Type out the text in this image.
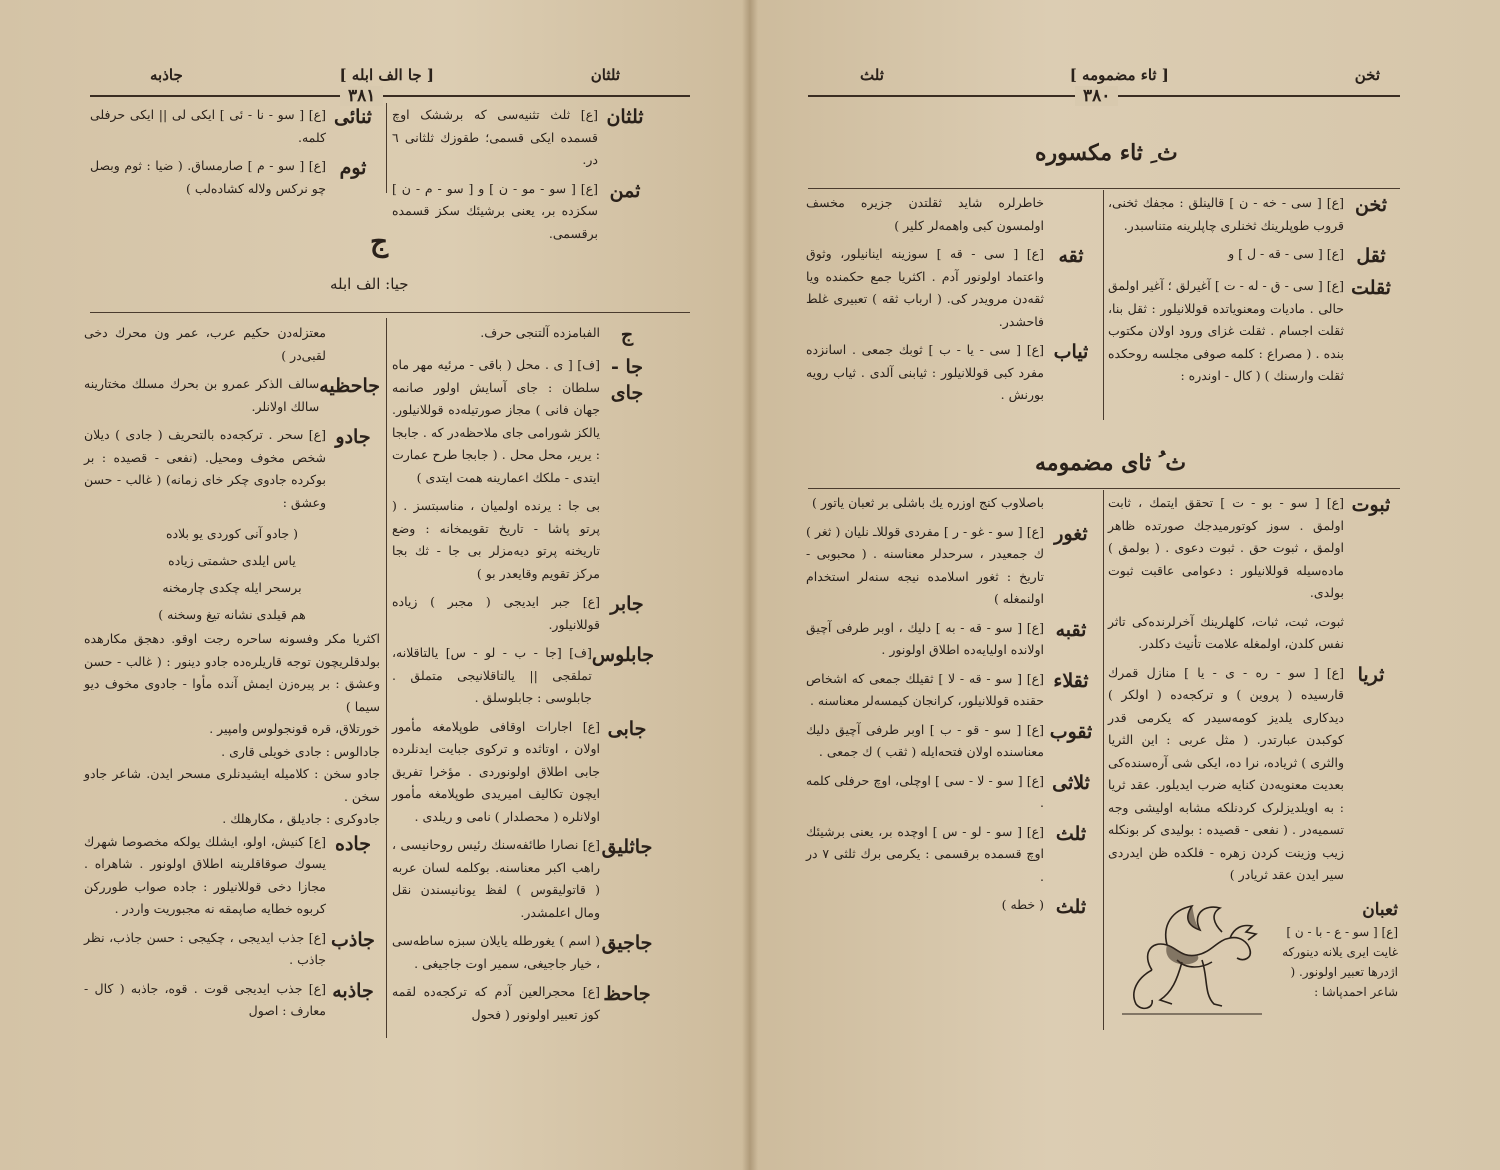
ثلثان
[ جا الف ابله ]
جاذبه
٣٨١
ثلثان
[ع] ثلث تثنیه‌سی که برششک اوچ قسمده ایکی قسمی؛ طقوزك ثلثانی ٦ در.
ثمن
[ع] [ سو - مو - ن ] و [ سو - م - ن ] سکزده بر، یعنی برشیئك سکز قسمده برقسمی.
ثنائی
[ع] [ سو - نا - ئی ] ایکی لی || ایکی حرفلی کلمه.
ثوم
[ع] [ سو - م ] صارمساق. ( ضیا : ثوم وبصل چو نرکس ولاله کشاده‌لب )
ج
جیا: الف ابله
ج
الفبامزده آلتنجی حرف.
جا - جای
[ف] [ ی . محل ( باقی - مرئیه مهر ماه سلطان : جای آسایش اولور صانمه جهان فانی ) مجاز صورتیله‌ده قوللانیلور. یالکز شورامی جای ملاحظه‌در که . جابجا : یریر، محل محل . ( جابجا طرح عمارت ایتدی - ملکك اعمارینه همت ایتدی )
بی جا : یرنده اولمیان ، مناسبتسز . ( پرتو پاشا - تاریخ تقویمخانه : وضع تاریخنه پرتو دیه‌مزلر بی جا - ثك بجا مرکز تقویم وقایعدر بو )
جابر
[ع] جبر ایدیجی ( مجبر ) زیاده قوللانیلور.
جابلوس
[ف] [جا - ب - لو - س] یالتاقلانه، تملقجی || یالتاقلانیجی متملق . جابلوسی : جابلوسلق .
جابی
[ع] اجارات اوقافی طوپلامغه مأمور اولان ، اوتاثده و ترکوی جبایت ایدنلرده جابی اطلاق اولونوردی . مؤخرا تفریق ایچون تکالیف امیریدی طوپلامغه مأمور اولانلره ( محصلدار ) نامی و ریلدی .
جاثلیق
[ع] نصارا طائفه‌سنك رئیس روحانیسی ، راهب اکبر معناسنه. بوکلمه لسان عربه ( قاتولیقوس ) لفظ یونانیسندن نقل ومال اعلمشدر.
جاجیق
( اسم ) یغورطله یایلان سبزه ساطه‌سی ، خیار جاجیغی، سمیر اوت جاجیغی .
جاحظ
[ع] محجرالعین آدم که ترکجه‌ده لقمه کوز تعبیر اولونور ( فحول
معتزله‌دن حکیم عرب، عمر ون محرك دخی لقبی‌در )
جاحظیه
سالف الذکر عمرو بن بحرك مسلك مختارینه سالك اولانلر.
جادو
[ع] سحر . ترکجه‌ده بالتحریف ( جادی ) دیلان شخص مخوف ومحیل. (نفعی - قصیده : بر بوکرده جادوی چکر خای زمانه) ( غالب - حسن وعشق :
( جادو آنی کوردی یو بلاده
یاس ایلدی حشمتی زیاده
برسحر ایله چکدی چارمخنه
هم قیلدی نشانه تیغ وسخنه )
اکثریا مکر وفسونه ساحره رجت اوقو. دهجق مکارهده بولدقلریچون توجه قاریلره‌ده جادو دینور : ( غالب - حسن وعشق : بر پیره‌زن ایمش آنده مأوا - جادوی مخوف دیو سیما )
خورتلاق، قره قونجولوس وامپیر .
جادالوس : جادی خویلی قاری .
جادو سخن : کلامیله ایشیدنلری مسحر ایدن. شاعر جادو سخن .
جادوکری : جادیلق ، مکارهلك .
جاده
[ع] کنیش، اولو، ایشلك یولکه مخصوصا شهرك یسوك صوقاقلرینه اطلاق اولونور . شاهراه . مجازا دخی قوللانیلور : جاده صواب طوررکن کربوه خطایه صاپمقه نه مجبوریت واردر .
جاذب
[ع] جذب ایدیجی ، چکیجی : حسن جاذب، نظر جاذب .
جاذبه
[ع] جذب ایدیجی قوت . قوه، جاذبه ( کال - معارف : اصول
ثخن
[ ثاء مضمومه ]
ثلث
٣٨٠
ث ِ ثاء مکسوره
ثخن
[ع] [ سی - خه - ن ] قالینلق : مجفك ثخنی، قروب طوپلرینك ثخنلری چاپلرینه متناسبدر.
ثقل
[ع] [ سی - قه - ل ] و
ثقلت
[ع] [ سی - ق - له - ت ] آغیرلق ؛ آغیر اولمق حالی . مادیات ومعنویاتده قوللانیلور : ثقل بنا، ثقلت اجسام . ثقلت غزای ورود اولان مکتوب بنده . ( مصراع : کلمه صوفی مجلسه روحکده ثقلت وارسنك ) ( کال - اوندره :
خاطرلره شاید ثقلتدن جزیره مخسف اولمسون کبی واهمه‌لر کلیر )
ثقه
[ع] [ سی - قه ] سوزینه اینانیلور، وثوق واعتماد اولونور آدم . اکثریا جمع حکمنده ویا ثقه‌دن مرویدر کی. ( ارباب ثقه ) تعبیری غلط فاحشدر.
ثیاب
[ع] [ سی - یا - ب ] ثوبك جمعی . اسانزده مفرد کبی قوللانیلور : ثیابنی آلدی . ثیاب رویه بورنش .
ث ُ ثای مضمومه
ثبوت
[ع] [ سو - بو - ت ] تحقق ایتمك ، ثابت اولمق . سوز کوتورمیدجك صورتده ظاهر اولمق ، ثبوت حق . ثبوت دعوی . ( بولمق ) ماده‌سیله قوللانیلور : دعوامی عاقبت ثبوت بولدی.
ثبوت، ثبت، ثبات، کلهلرینك آخرلرنده‌کی تاثر نفس کلدن، اولمغله علامت تأنیث دکلدر.
ثریا
[ع] [ سو - ره - ی - یا ] منازل قمرك قارسیده ( پروین ) و ترکجه‌ده ( اولکر ) دیدکاری یلدیز کومه‌سیدر که یکرمی قدر کوکبدن عبارتدر. ( مثل عربی : این الثریا والثری ) ثریاده، نرا ده، ایکی شی آره‌سنده‌کی بعدیت معنویه‌دن کنایه ضرب ایدیلور. عقد ثریا : به اویلدیزلرک کردنلکه مشابه اولیشی وجه تسمیه‌در . ( نفعی - قصیده : بولیدی کر بونکله زیب وزینت کردن زهره - فلکده ظن ایدردی سیر ایدن عقد ثریادر )
ثعبان
[ع] [ سو - ع - با - ن ] غایت ایری یلانه دینورکه اژدرها تعبیر اولونور. ( شاعر احمدپاشا :
باصلاوب کنج اوزره یك باشلی بر ثعبان یاتور )
ثغور
[ع] [ سو - غو - ر ] مفردی قوللاـ نلیان ( ثغر ) ك جمعیدر ، سرحدلر معناسنه . ( محبوبی - تاریخ : ثغور اسلامده نیجه سنه‌لر استخدام اولنمغله )
ثقبه
[ع] [ سو - قه - به ] دلیك ، اوبر طرفی آچیق اولانده اولیایه‌ده اطلاق اولونور .
ثقلاء
[ع] [ سو - قه - لا ] ثقیلك جمعی که اشخاص حقنده قوللانیلور، کرانجان کیمسه‌لر معناسنه .
ثقوب
[ع] [ سو - قو - ب ] اوبر طرفی آچیق دلیك معناسنده اولان فتحه‌ایله ( ثقب ) ك جمعی .
ثلاثی
[ع] [ سو - لا - سی ] اوچلی، اوچ حرفلی کلمه .
ثلث
[ع] [ سو - لو - س ] اوچده بر، یعنی برشیئك اوچ قسمده برقسمی : یکرمی برك ثلثی ٧ در .
ثلث
( خطه )
